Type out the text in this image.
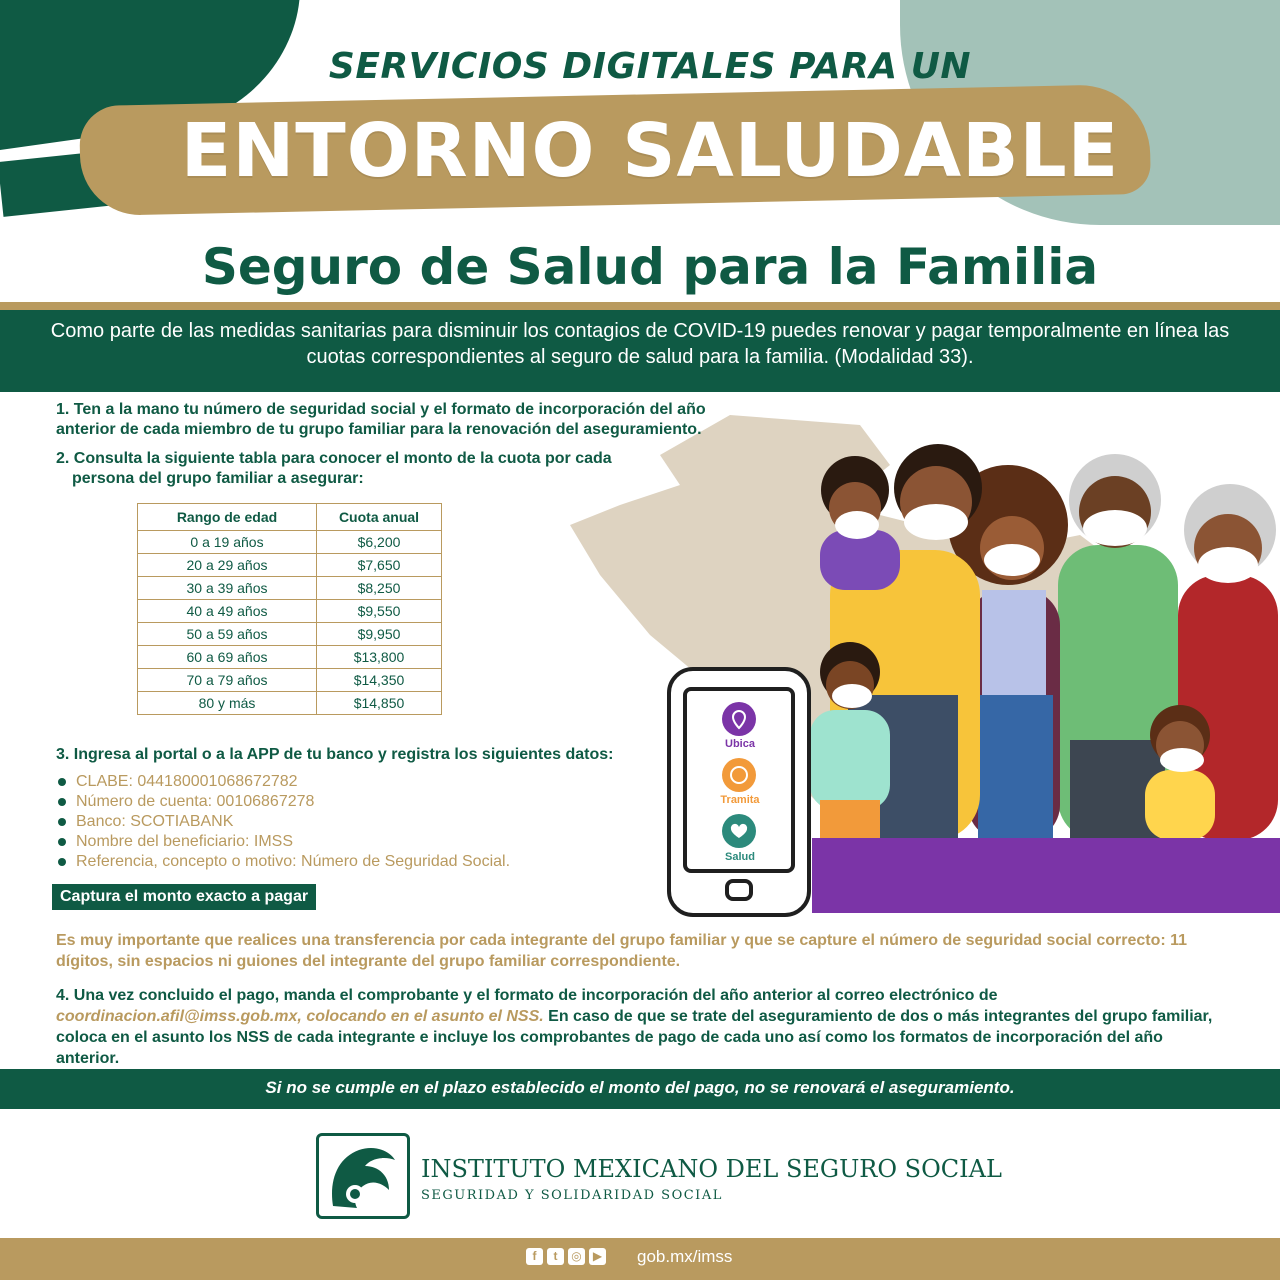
SERVICIOS DIGITALES PARA UN
ENTORNO SALUDABLE
Seguro de Salud para la Familia
Como parte de las medidas sanitarias para disminuir los contagios de COVID-19 puedes renovar y pagar temporalmente en línea las cuotas correspondientes al seguro de salud para la familia. (Modalidad 33).
Ubica
Tramita
Salud
1. Ten a la mano tu número de seguridad social y el formato de incorporación del año
anterior de cada miembro de tu grupo familiar para la renovación del aseguramiento.
2. Consulta la siguiente tabla para conocer el monto de la cuota por cada
persona del grupo familiar a asegurar:
Rango de edad	Cuota anual
0 a 19 años	$6,200
20 a 29 años	$7,650
30 a 39 años	$8,250
40 a 49 años	$9,550
50 a 59 años	$9,950
60 a 69 años	$13,800
70 a 79 años	$14,350
80 y más	$14,850
3. Ingresa al portal o a la APP de tu banco y registra los siguientes datos:
CLABE: 044180001068672782
Número de cuenta: 00106867278
Banco: SCOTIABANK
Nombre del beneficiario: IMSS
Referencia, concepto o motivo: Número de Seguridad Social.
Captura el monto exacto a pagar
Es muy importante que realices una transferencia por cada integrante del grupo familiar y que se capture el número de seguridad social correcto: 11 dígitos, sin espacios ni guiones del integrante del grupo familiar correspondiente.
4. Una vez concluido el pago, manda el comprobante y el formato de incorporación del año anterior al correo electrónico de coordinacion.afil@imss.gob.mx, colocando en el asunto el NSS. En caso de que se trate del aseguramiento de dos o más integrantes del grupo familiar, coloca en el asunto los NSS de cada integrante e incluye los comprobantes de pago de cada uno así como los formatos de incorporación del año anterior.
Si no se cumple en el plazo establecido el monto del pago, no se renovará el aseguramiento.
INSTITUTO MEXICANO DEL SEGURO SOCIAL
SEGURIDAD Y SOLIDARIDAD SOCIAL
f t ◎ ▶	gob.mx/imss
